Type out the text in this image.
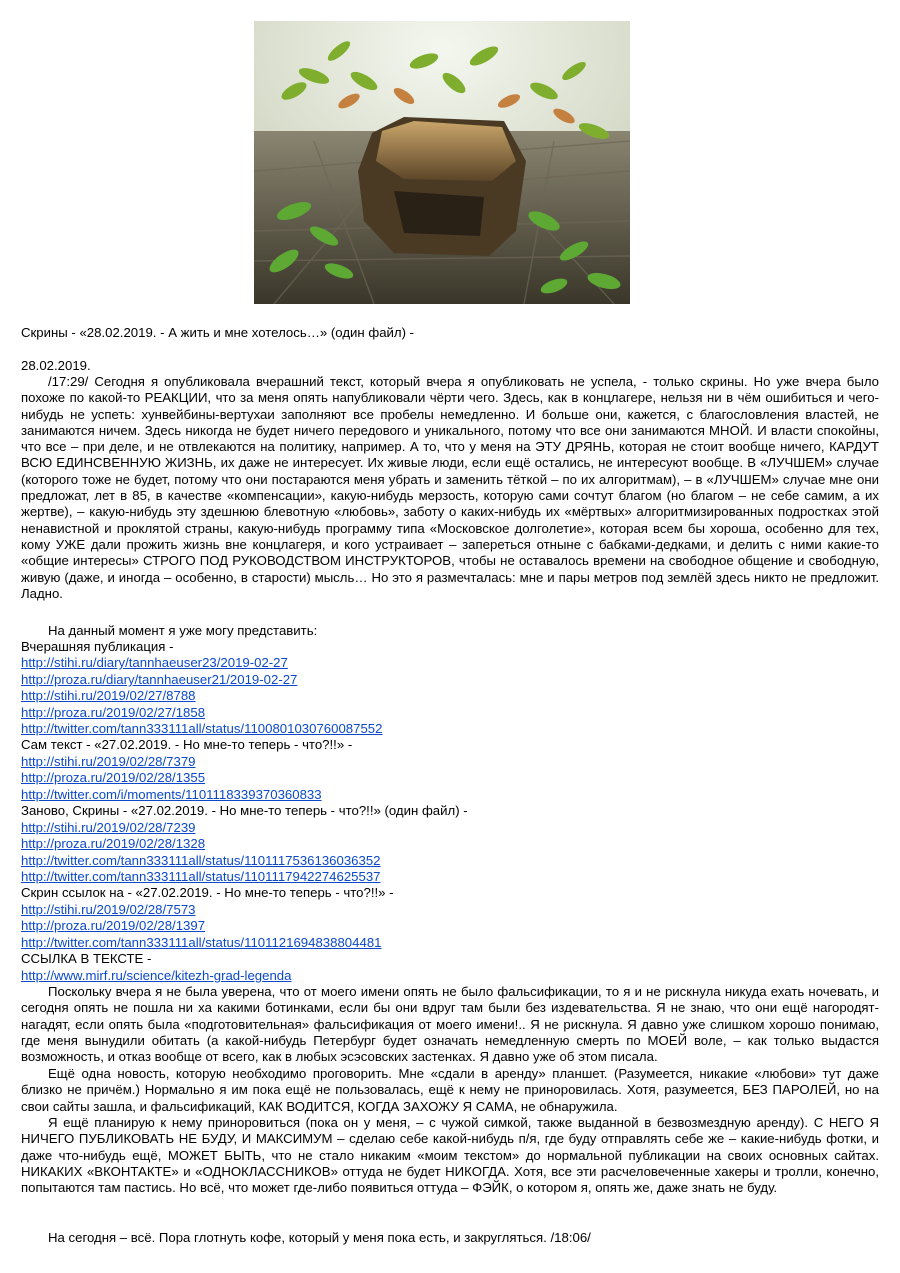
Скрины - «28.02.2019. - А жить и мне хотелось…» (один файл) -
28.02.2019.
/17:29/ Сегодня я опубликовала вчерашний текст, который вчера я опубликовать не успела, - только скрины. Но уже вчера было похоже по какой-то РЕАКЦИИ, что за меня опять напубликовали чёрти чего. Здесь, как в концлагере, нельзя ни в чём ошибиться и чего-нибудь не успеть: хунвейбины-вертухаи заполняют все пробелы немедленно. И больше они, кажется, с благословления властей, не занимаются ничем. Здесь никогда не будет ничего передового и уникального, потому что все они занимаются МНОЙ. И власти спокойны, что все – при деле, и не отвлекаются на политику, например. А то, что у меня на ЭТУ ДРЯНЬ, которая не стоит вообще ничего, КАРДУТ ВСЮ ЕДИНСВЕННУЮ ЖИЗНЬ, их даже не интересует. Их живые люди, если ещё остались, не интересуют вообще. В «ЛУЧШЕМ» случае (которого тоже не будет, потому что они постараются меня убрать и заменить тёткой – по их алгоритмам), – в «ЛУЧШЕМ» случае мне они предложат, лет в 85, в качестве «компенсации», какую-нибудь мерзость, которую сами сочтут благом (но благом – не себе самим, а их жертве), – какую-нибудь эту здешнюю блевотную «любовь», заботу о каких-нибудь их «мёртвых» алгоритмизированных подростках этой ненавистной и проклятой страны, какую-нибудь программу типа «Московское долголетие», которая всем бы хороша, особенно для тех, кому УЖЕ дали прожить жизнь вне концлагеря, и кого устраивает – запереться отныне с бабками-дедками, и делить с ними какие-то «общие интересы» СТРОГО ПОД РУКОВОДСТВОМ ИНСТРУКТОРОВ, чтобы не оставалось времени на свободное общение и свободную, живую (даже, и иногда – особенно, в старости) мысль… Но это я размечталась: мне и пары метров под землёй здесь никто не предложит. Ладно.
На данный момент я уже могу представить:
Вчерашняя публикация -
http://stihi.ru/diary/tannhaeuser23/2019-02-27
http://proza.ru/diary/tannhaeuser21/2019-02-27
http://stihi.ru/2019/02/27/8788
http://proza.ru/2019/02/27/1858
http://twitter.com/tann333111all/status/1100801030760087552
Сам текст - «27.02.2019. - Но мне-то теперь - что?!!» -
http://stihi.ru/2019/02/28/7379
http://proza.ru/2019/02/28/1355
http://twitter.com/i/moments/1101118339370360833
Заново, Скрины - «27.02.2019. - Но мне-то теперь - что?!!» (один файл) -
http://stihi.ru/2019/02/28/7239
http://proza.ru/2019/02/28/1328
http://twitter.com/tann333111all/status/1101117536136036352
http://twitter.com/tann333111all/status/1101117942274625537
Скрин ссылок на - «27.02.2019. - Но мне-то теперь - что?!!» -
http://stihi.ru/2019/02/28/7573
http://proza.ru/2019/02/28/1397
http://twitter.com/tann333111all/status/1101121694838804481
ССЫЛКА В ТЕКСТЕ -
http://www.mirf.ru/science/kitezh-grad-legenda
Поскольку вчера я не была уверена, что от моего имени опять не было фальсификации, то я и не рискнула никуда ехать ночевать, и сегодня опять не пошла ни ха какими ботинками, если бы они вдруг там были без издевательства. Я не знаю, что они ещё нагородят-нагадят, если опять была «подготовительная» фальсификация от моего имени!.. Я не рискнула. Я давно уже слишком хорошо понимаю, где меня вынудили обитать (а какой-нибудь Петербург будет означать немедленную смерть по МОЕЙ воле, – как только выдастся возможность, и отказ вообще от всего, как в любых эсэсовских застенках. Я давно уже об этом писала.
Ещё одна новость, которую необходимо проговорить. Мне «сдали в аренду» планшет. (Разумеется, никакие «любови» тут даже близко не причём.) Нормально я им пока ещё не пользовалась, ещё к нему не приноровилась. Хотя, разумеется, БЕЗ ПАРОЛЕЙ, но на свои сайты зашла, и фальсификаций, КАК ВОДИТСЯ, КОГДА ЗАХОЖУ Я САМА, не обнаружила.
Я ещё планирую к нему приноровиться (пока он у меня, – с чужой симкой, также выданной в безвозмездную аренду). С НЕГО Я НИЧЕГО ПУБЛИКОВАТЬ НЕ БУДУ, И МАКСИМУМ – сделаю себе какой-нибудь п/я, где буду отправлять себе же – какие-нибудь фотки, и даже что-нибудь ещё, МОЖЕТ БЫТЬ, что не стало никаким «моим текстом» до нормальной публикации на своих основных сайтах. НИКАКИХ «ВКОНТАКТЕ» и «ОДНОКЛАССНИКОВ» оттуда не будет НИКОГДА. Хотя, все эти расчеловеченные хакеры и тролли, конечно, попытаются там пастись. Но всё, что может где-либо появиться оттуда – ФЭЙК, о котором я, опять же, даже знать не буду.
На сегодня – всё. Пора глотнуть кофе, который у меня пока есть, и закругляться. /18:06/
